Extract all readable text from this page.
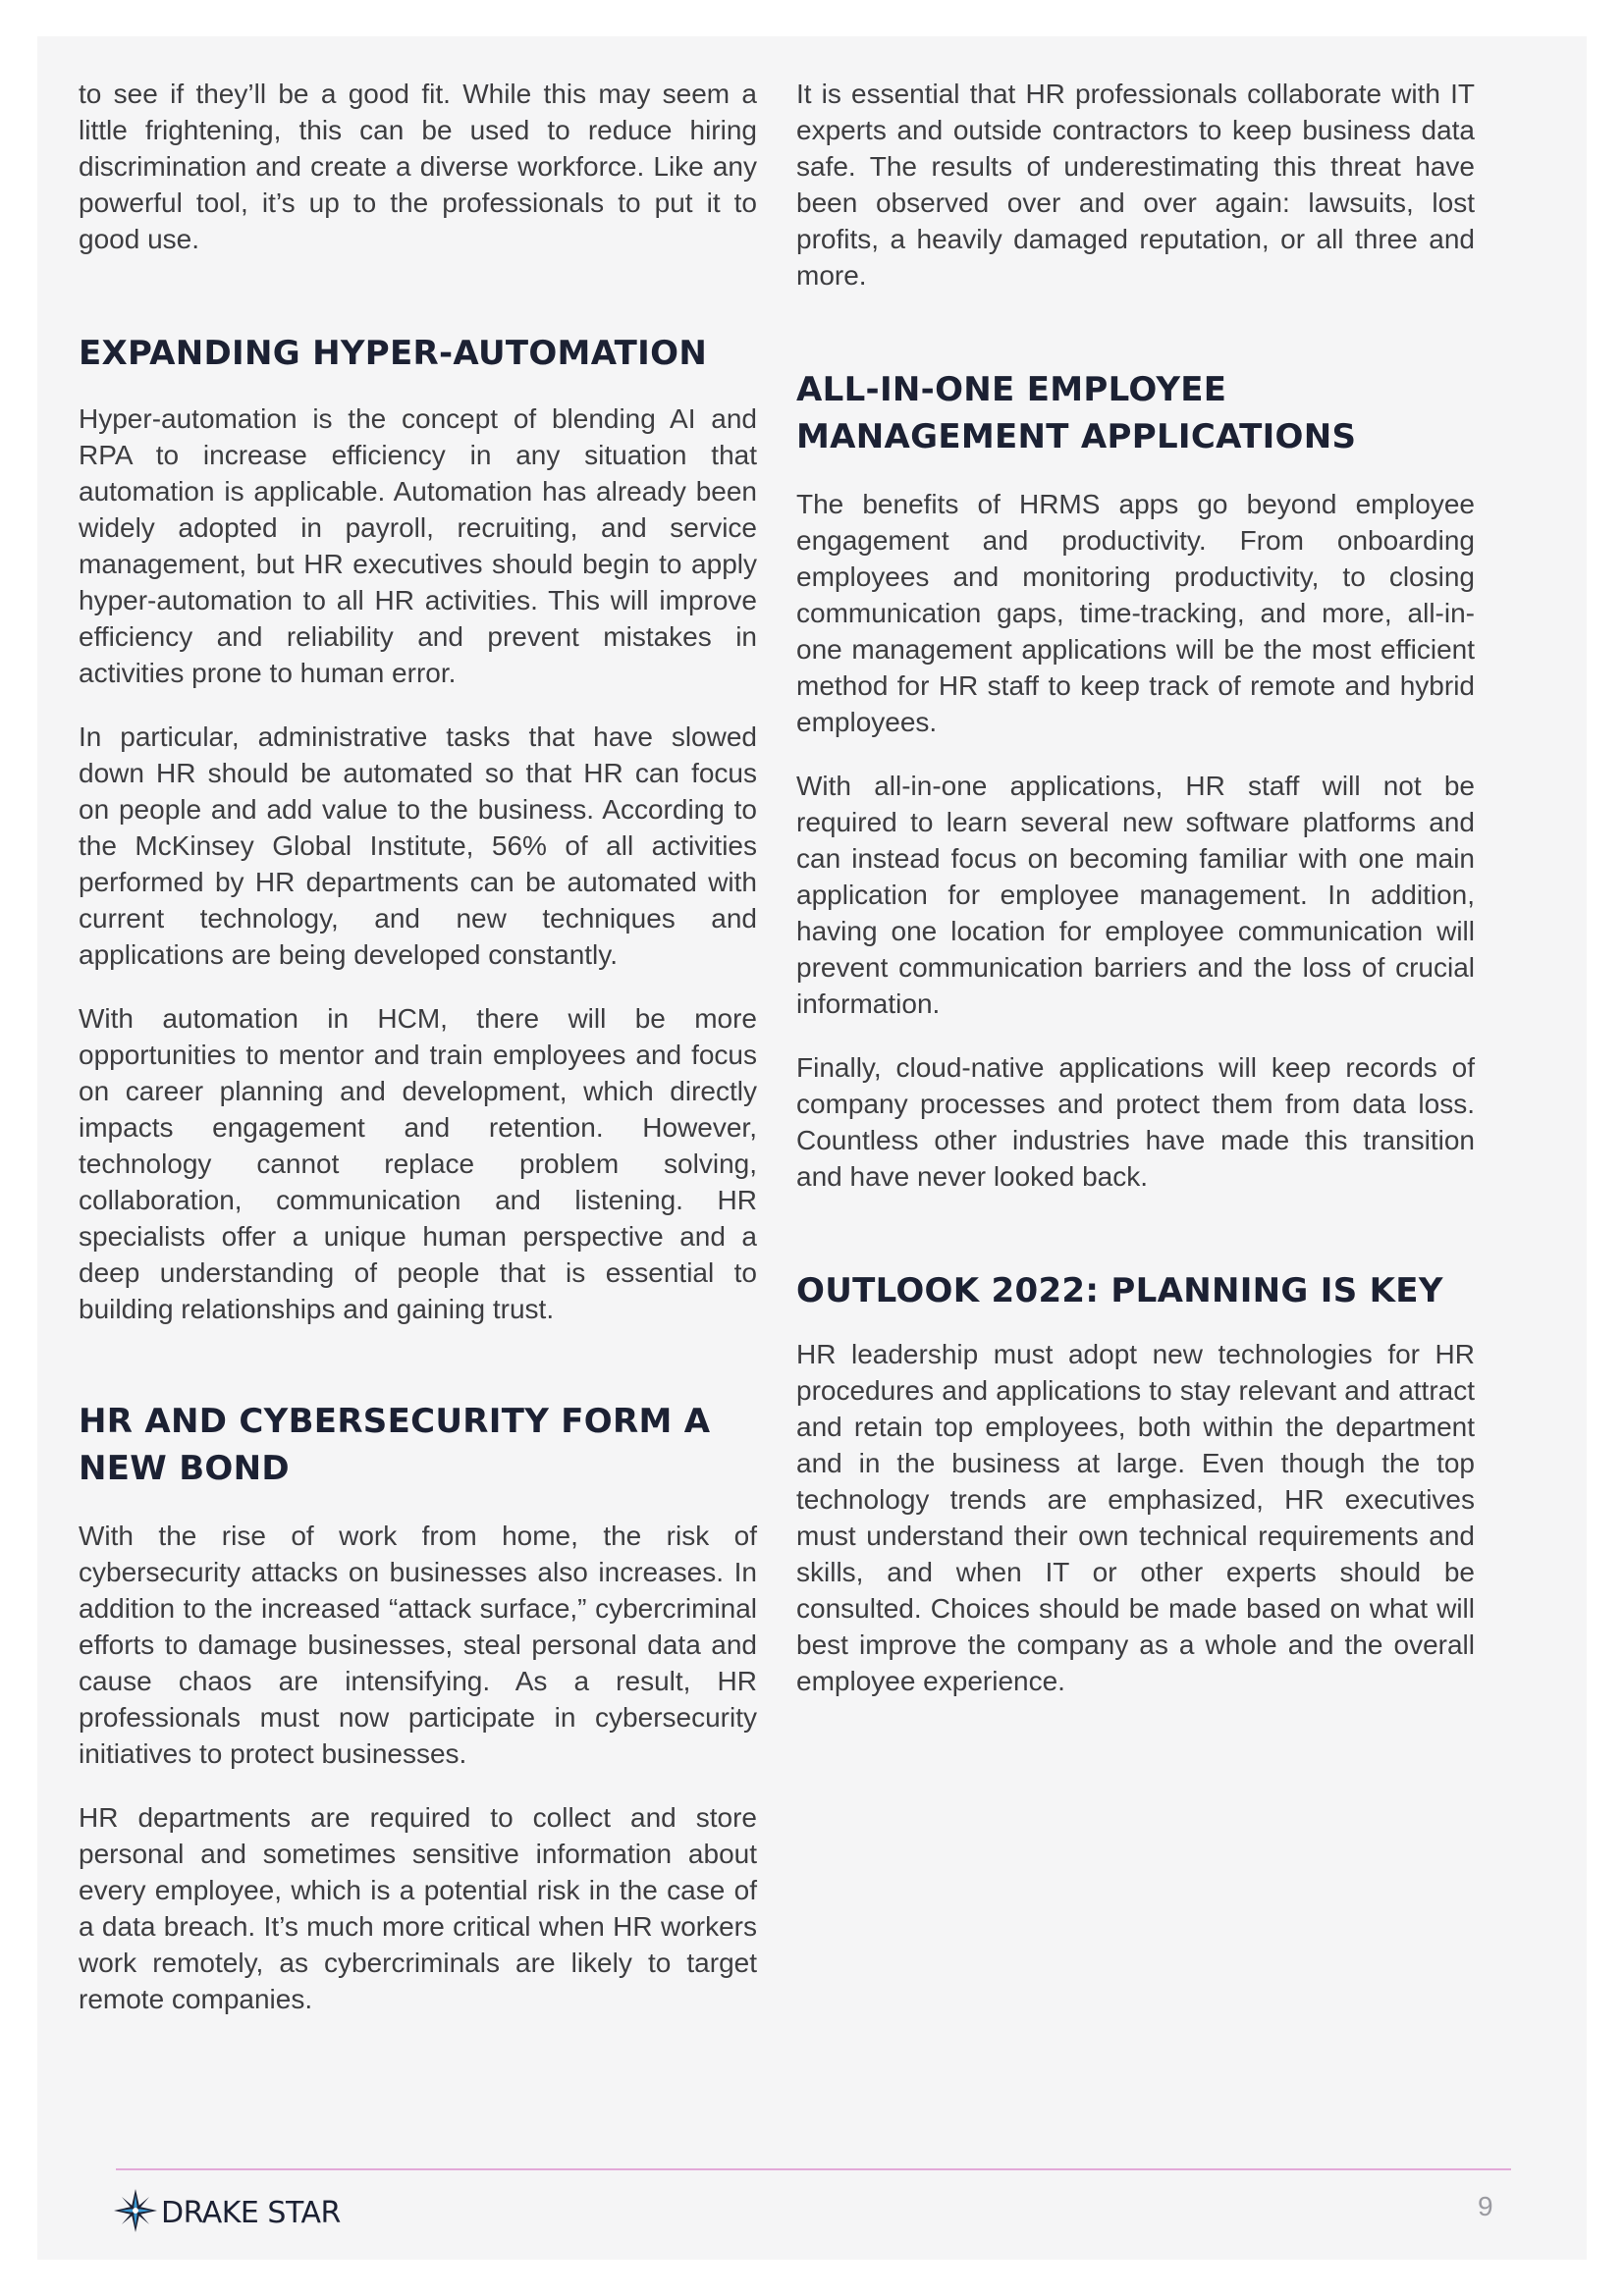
to see if they’ll be a good fit. While this may seem a little frightening, this can be used to reduce hiring discrimination and create a diverse workforce. Like any powerful tool, it’s up to the professionals to put it to good use.

EXPANDING HYPER-AUTOMATION

Hyper-automation is the concept of blending AI and RPA to increase efficiency in any situation that automation is applicable. Automation has already been widely adopted in payroll, recruiting, and service management, but HR executives should begin to apply hyper-automation to all HR activities. This will improve efficiency and reliability and prevent mistakes in activities prone to human error.

In particular, administrative tasks that have slowed down HR should be automated so that HR can focus on people and add value to the business. According to the McKinsey Global Institute, 56% of all activities performed by HR departments can be automated with current technology, and new techniques and applications are being developed constantly.

With automation in HCM, there will be more opportunities to mentor and train employees and focus on career planning and development, which directly impacts engagement and retention. However, technology cannot replace problem solving, collaboration, communication and listening. HR specialists offer a unique human perspective and a deep understanding of people that is essential to building relationships and gaining trust.

HR AND CYBERSECURITY FORM A
NEW BOND

With the rise of work from home, the risk of cybersecurity attacks on businesses also increases. In addition to the increased “attack surface,” cybercriminal efforts to damage businesses, steal personal data and cause chaos are intensifying. As a result, HR professionals must now participate in cybersecurity initiatives to protect businesses.

HR departments are required to collect and store personal and sometimes sensitive information about every employee, which is a potential risk in the case of a data breach. It’s much more critical when HR workers work remotely, as cybercriminals are likely to target remote companies.

It is essential that HR professionals collaborate with IT experts and outside contractors to keep business data safe. The results of underestimating this threat have been observed over and over again: lawsuits, lost profits, a heavily damaged reputation, or all three and more.

ALL-IN-ONE EMPLOYEE
MANAGEMENT APPLICATIONS

The benefits of HRMS apps go beyond employee engagement and productivity. From onboarding employees and monitoring productivity, to closing communication gaps, time-tracking, and more, all-in-one management applications will be the most efficient method for HR staff to keep track of remote and hybrid employees.

With all-in-one applications, HR staff will not be required to learn several new software platforms and can instead focus on becoming familiar with one main application for employee management. In addition, having one location for employee communication will prevent communication barriers and the loss of crucial information.

Finally, cloud-native applications will keep records of company processes and protect them from data loss. Countless other industries have made this transition and have never looked back.

OUTLOOK 2022: PLANNING IS KEY

HR leadership must adopt new technologies for HR procedures and applications to stay relevant and attract and retain top employees, both within the department and in the business at large. Even though the top technology trends are emphasized, HR executives must understand their own technical requirements and skills, and when IT or other experts should be consulted. Choices should be made based on what will best improve the company as a whole and the overall employee experience.

DRAKE STAR	9
